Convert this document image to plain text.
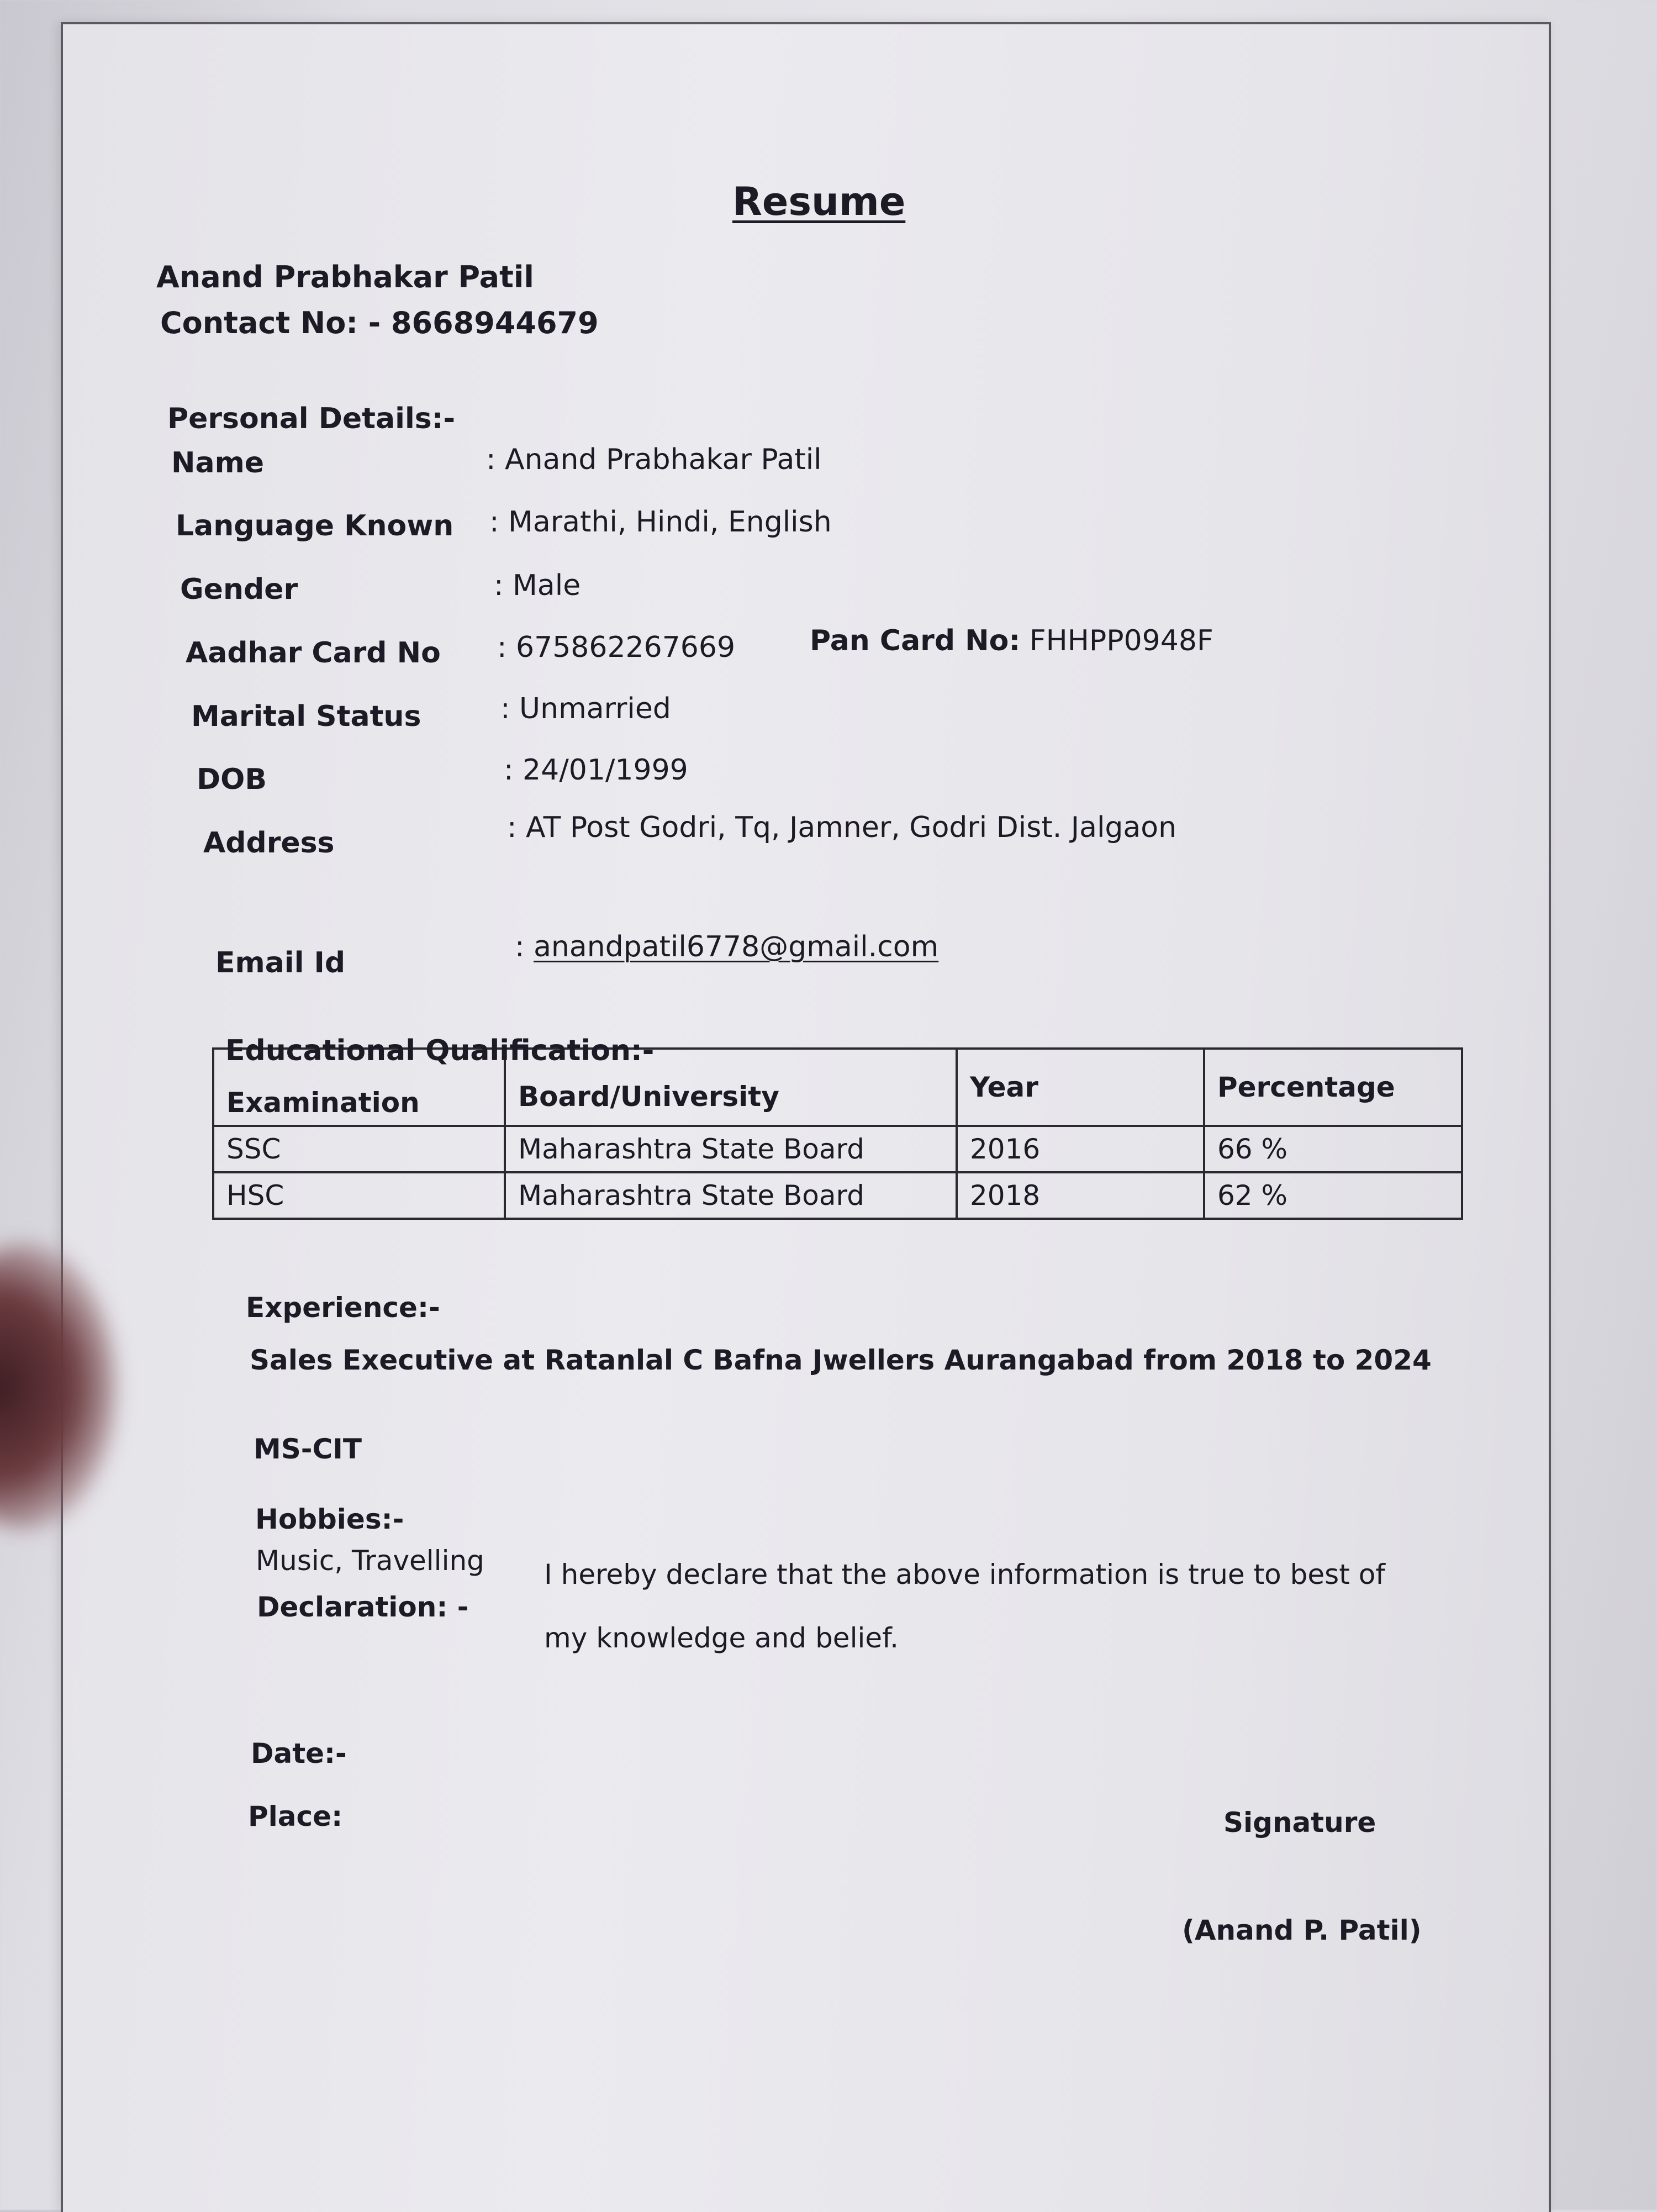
Resume
Anand Prabhakar Patil
Contact No: - 8668944679
Personal Details:-
Name	: Anand Prabhakar Patil
Language Known : Marathi, Hindi, English
Gender	: Male
Aadhar Card No : 675862267669	Pan Card No: FHHPP0948F
Marital Status	: Unmarried
DOB	: 24/01/1999
Address	: AT Post Godri, Tq, Jamner, Godri Dist. Jalgaon
Email Id	: anandpatil6778@gmail.com
Educational Qualification:-
Examination	Board/University	Year	Percentage
SSC	Maharashtra State Board	2016	66 %
HSC	Maharashtra State Board	2018	62 %
Experience:-
Sales Executive at Ratanlal C Bafna Jwellers Aurangabad from 2018 to 2024
MS-CIT
Hobbies:-
Music, Travelling
Declaration: -
I hereby declare that the above information is true to best of my knowledge and belief.
Date:-
Place:	Signature
(Anand P. Patil)
